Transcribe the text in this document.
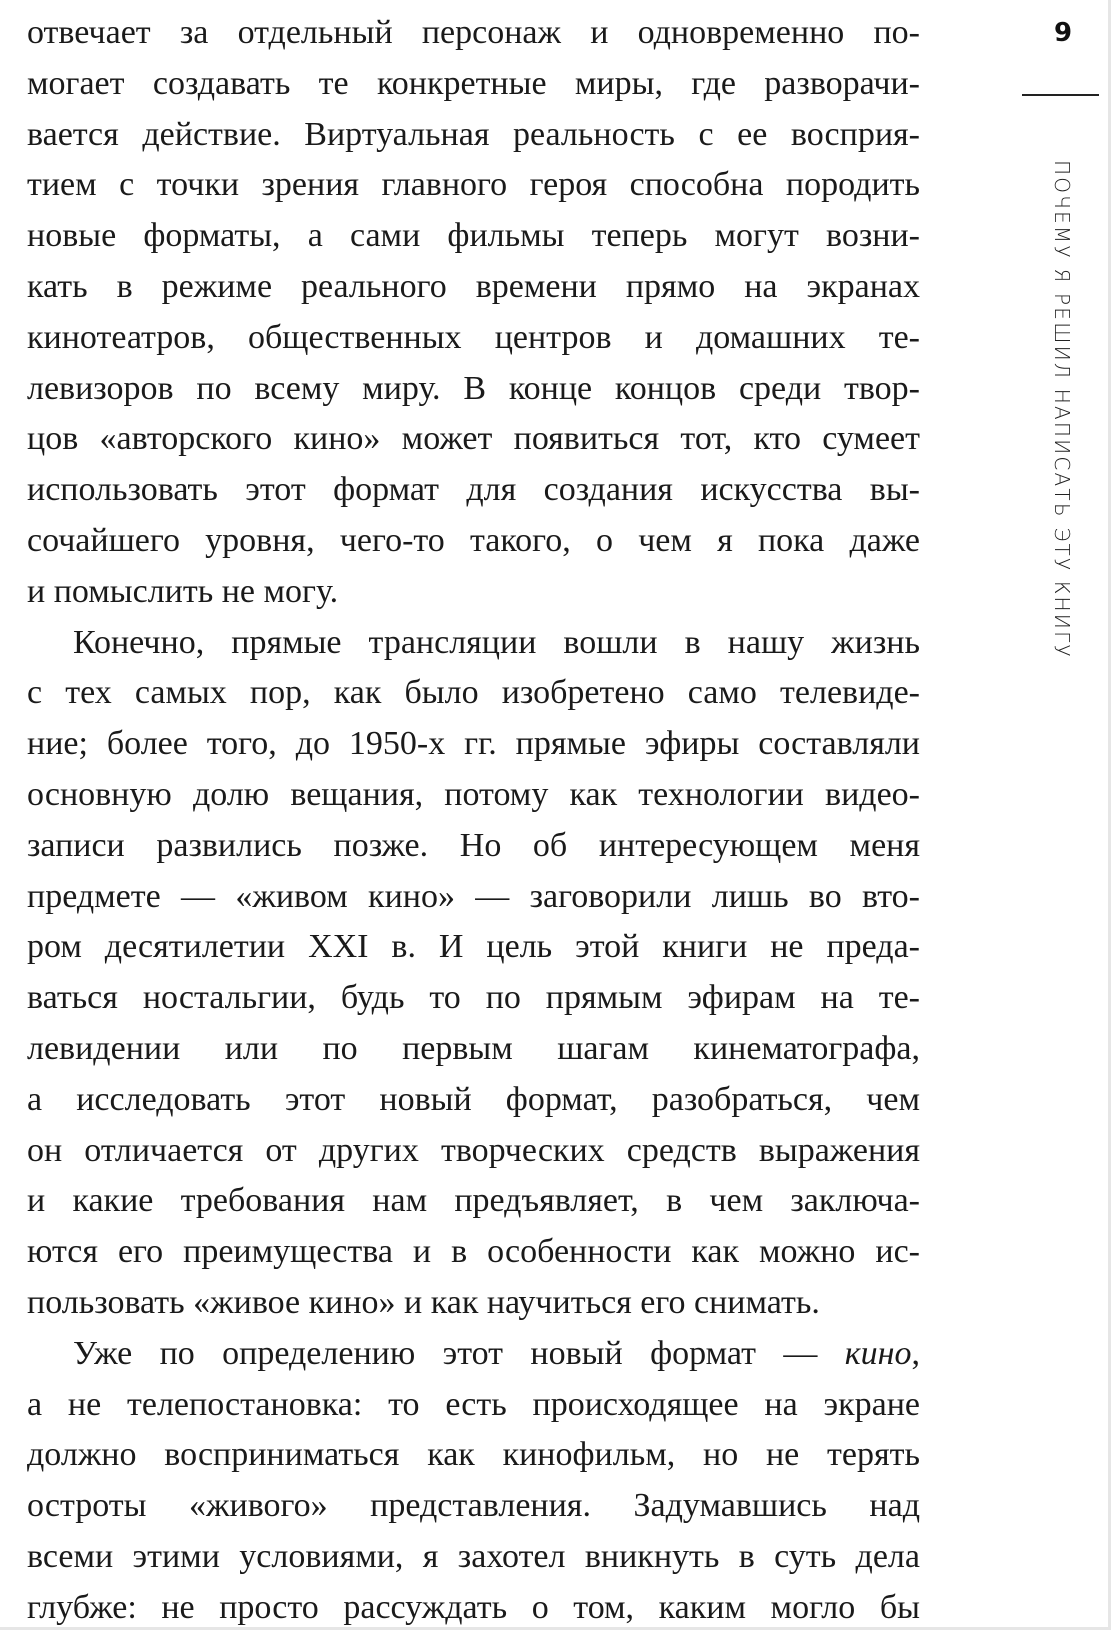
отвечает за отдельный персонаж и одновременно по-
могает создавать те конкретные миры, где разворачи-
вается действие. Виртуальная реальность с ее восприя-
тием с точки зрения главного героя способна породить
новые форматы, а сами фильмы теперь могут возни-
кать в режиме реального времени прямо на экранах
кинотеатров, общественных центров и домашних те-
левизоров по всему миру. В конце концов среди твор-
цов «авторского кино» может появиться тот, кто сумеет
использовать этот формат для создания искусства вы-
сочайшего уровня, чего-то такого, о чем я пока даже
и помыслить не могу.
Конечно, прямые трансляции вошли в нашу жизнь
с тех самых пор, как было изобретено само телевиде-
ние; более того, до 1950-х гг. прямые эфиры составляли
основную долю вещания, потому как технологии видео-
записи развились позже. Но об интересующем меня
предмете — «живом кино» — заговорили лишь во вто-
ром десятилетии XXI в. И цель этой книги не преда-
ваться ностальгии, будь то по прямым эфирам на те-
левидении или по первым шагам кинематографа,
а исследовать этот новый формат, разобраться, чем
он отличается от других творческих средств выражения
и какие требования нам предъявляет, в чем заключа-
ются его преимущества и в особенности как можно ис-
пользовать «живое кино» и как научиться его снимать.
Уже по определению этот новый формат — кино,
а не телепостановка: то есть происходящее на экране
должно восприниматься как кинофильм, но не терять
остроты «живого» представления. Задумавшись над
всеми этими условиями, я захотел вникнуть в суть дела
глубже: не просто рассуждать о том, каким могло бы
9
ПОЧЕМУ Я РЕШИЛ НАПИСАТЬ ЭТУ КНИГУ
